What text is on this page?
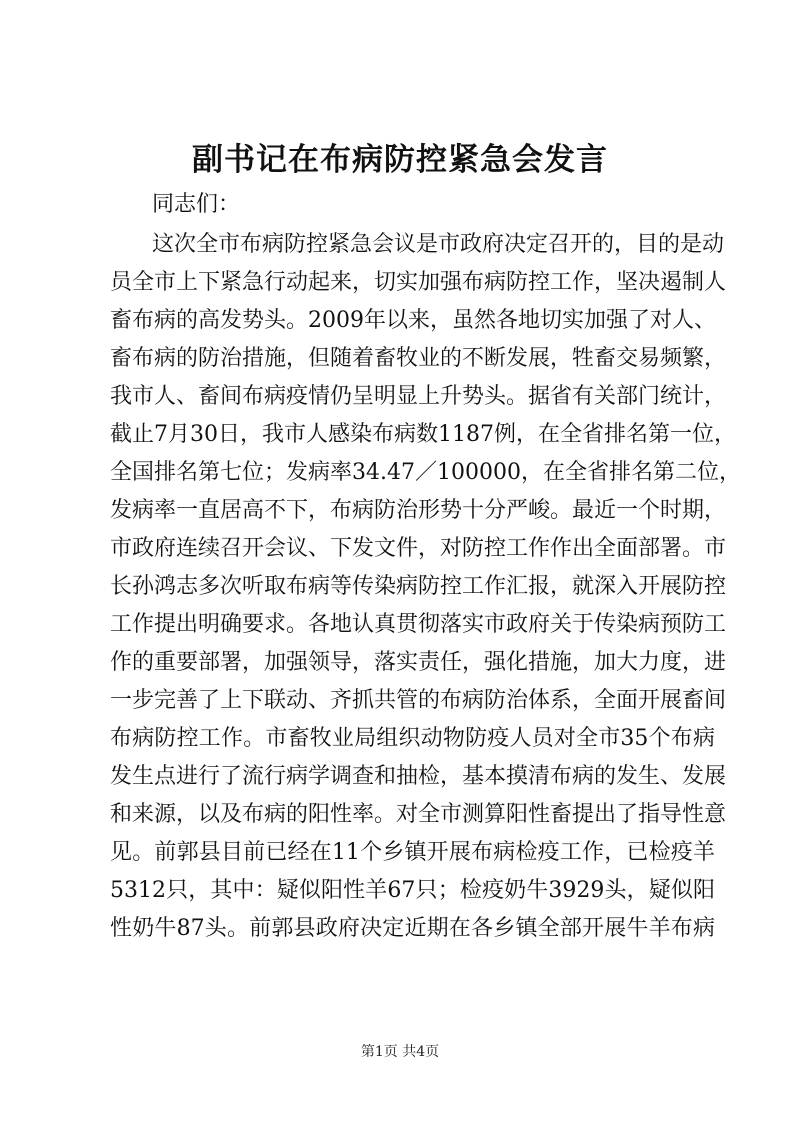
副书记在布病防控紧急会发言
同志们：
这次全市布病防控紧急会议是市政府决定召开的，目的是动
员全市上下紧急行动起来，切实加强布病防控工作，坚决遏制人
畜布病的高发势头。2009年以来，虽然各地切实加强了对人、
畜布病的防治措施，但随着畜牧业的不断发展，牲畜交易频繁，
我市人、畜间布病疫情仍呈明显上升势头。据省有关部门统计，
截止7月30日，我市人感染布病数1187例，在全省排名第一位，
全国排名第七位；发病率34.47／100000，在全省排名第二位，
发病率一直居高不下，布病防治形势十分严峻。最近一个时期，
市政府连续召开会议、下发文件，对防控工作作出全面部署。市
长孙鸿志多次听取布病等传染病防控工作汇报，就深入开展防控
工作提出明确要求。各地认真贯彻落实市政府关于传染病预防工
作的重要部署，加强领导，落实责任，强化措施，加大力度，进
一步完善了上下联动、齐抓共管的布病防治体系，全面开展畜间
布病防控工作。市畜牧业局组织动物防疫人员对全市35个布病
发生点进行了流行病学调查和抽检，基本摸清布病的发生、发展
和来源，以及布病的阳性率。对全市测算阳性畜提出了指导性意
见。前郭县目前已经在11个乡镇开展布病检疫工作，已检疫羊
5312只，其中：疑似阳性羊67只；检疫奶牛3929头，疑似阳
性奶牛87头。前郭县政府决定近期在各乡镇全部开展牛羊布病
第1页 共4页
